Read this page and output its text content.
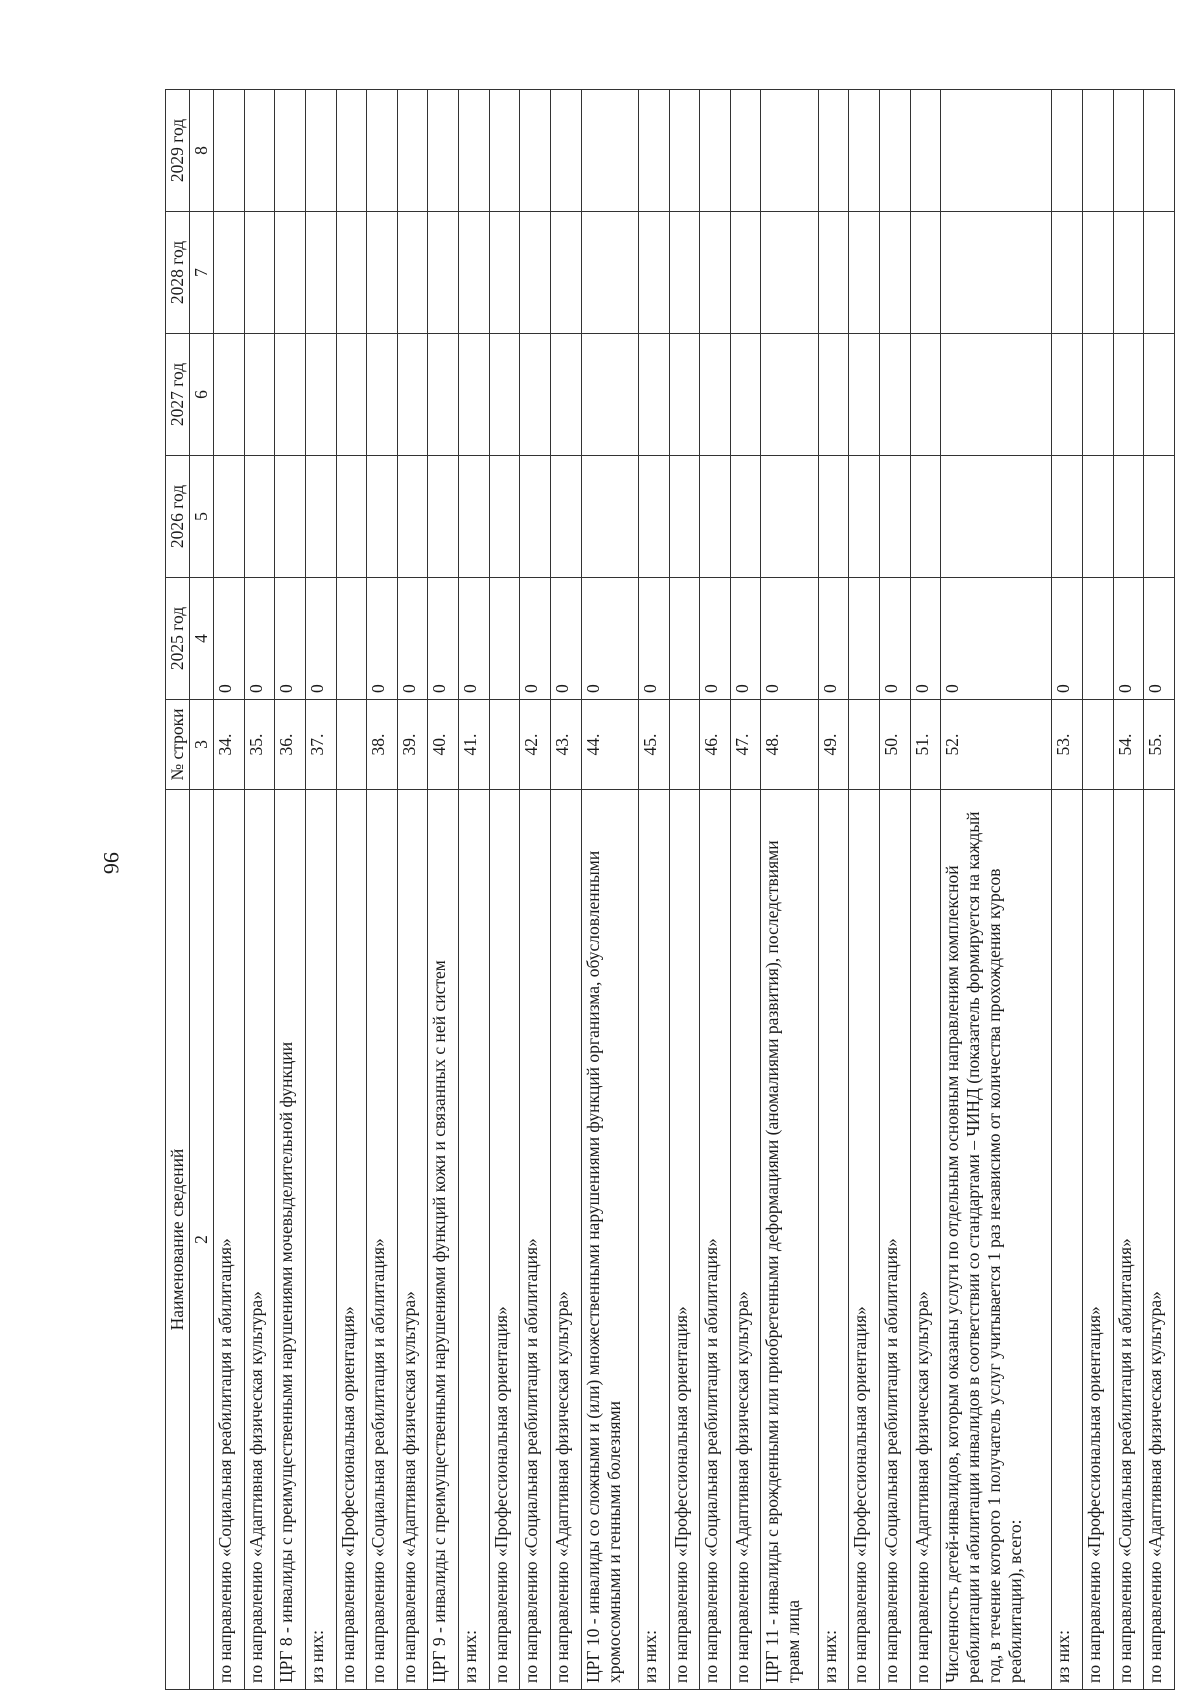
96
Наименование сведений	№ строки	2025 год	2026 год	2027 год	2028 год	2029 год
2	3	4	5	6	7	8
по направлению «Социальная реабилитация и абилитация»	34.	0				
по направлению «Адаптивная физическая культура»	35.	0				
ЦРГ 8 - инвалиды с преимущественными нарушениями мочевыделительной функции	36.	0				
из них:	37.	0				
по направлению «Профессиональная ориентация»						
по направлению «Социальная реабилитация и абилитация»	38.	0				
по направлению «Адаптивная физическая культура»	39.	0				
ЦРГ 9 - инвалиды с преимущественными нарушениями функций кожи и связанных с ней систем	40.	0				
из них:	41.	0				
по направлению «Профессиональная ориентация»						
по направлению «Социальная реабилитация и абилитация»	42.	0				
по направлению «Адаптивная физическая культура»	43.	0				
ЦРГ 10 - инвалиды со сложными и (или) множественными нарушениями функций организма, обусловленными хромосомными и генными болезнями	44.	0				
из них:	45.	0				
по направлению «Профессиональная ориентация»						
по направлению «Социальная реабилитация и абилитация»	46.	0				
по направлению «Адаптивная физическая культура»	47.	0				
ЦРГ 11 - инвалиды с врожденными или приобретенными деформациями (аномалиями развития), последствиями травм лица	48.	0				
из них:	49.	0				
по направлению «Профессиональная ориентация»						
по направлению «Социальная реабилитация и абилитация»	50.	0				
по направлению «Адаптивная физическая культура»	51.	0				
Численность детей-инвалидов, которым оказаны услуги по отдельным основным направлениям комплексной реабилитации и абилитации инвалидов в соответствии со стандартами – ЧИНД (показатель формируется на каждый год, в течение которого 1 получатель услуг учитывается 1 раз независимо от количества прохождения курсов реабилитации), всего:	52.	0				
из них:	53.	0				
по направлению «Профессиональная ориентация»						
по направлению «Социальная реабилитация и абилитация»	54.	0				
по направлению «Адаптивная физическая культура»	55.	0				
